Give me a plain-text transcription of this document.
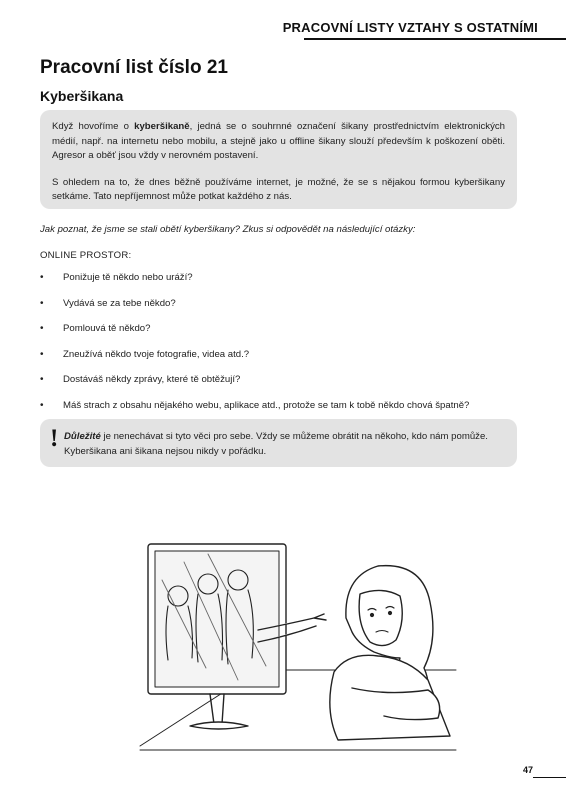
PRACOVNÍ LISTY VZTAHY S OSTATNÍMI
Pracovní list číslo 21
Kyberšikana

Když hovoříme o kyberšikaně, jedná se o souhrnné označení šikany prostřednictvím elektronických médií, např. na internetu nebo mobilu, a stejně jako u offline šikany slouží především k poškození oběti. Agresor a oběť jsou vždy v nerovném postavení.

S ohledem na to, že dnes běžně používáme internet, je možné, že se s nějakou formou kyberšikany setkáme. Tato nepříjemnost může potkat každého z nás.

Jak poznat, že jsme se stali obětí kyberšikany? Zkus si odpovědět na následující otázky:
ONLINE PROSTOR:
• Ponižuje tě někdo nebo uráží?
• Vydává se za tebe někdo?
• Pomlouvá tě někdo?
• Zneužívá někdo tvoje fotografie, videa atd.?
• Dostáváš někdy zprávy, které tě obtěžují?
• Máš strach z obsahu nějakého webu, aplikace atd., protože se tam k tobě někdo chová špatně?
! Důležité je nenechávat si tyto věci pro sebe. Vždy se můžeme obrátit na někoho, kdo nám pomůže. Kyberšikana ani šikana nejsou nikdy v pořádku.
47
